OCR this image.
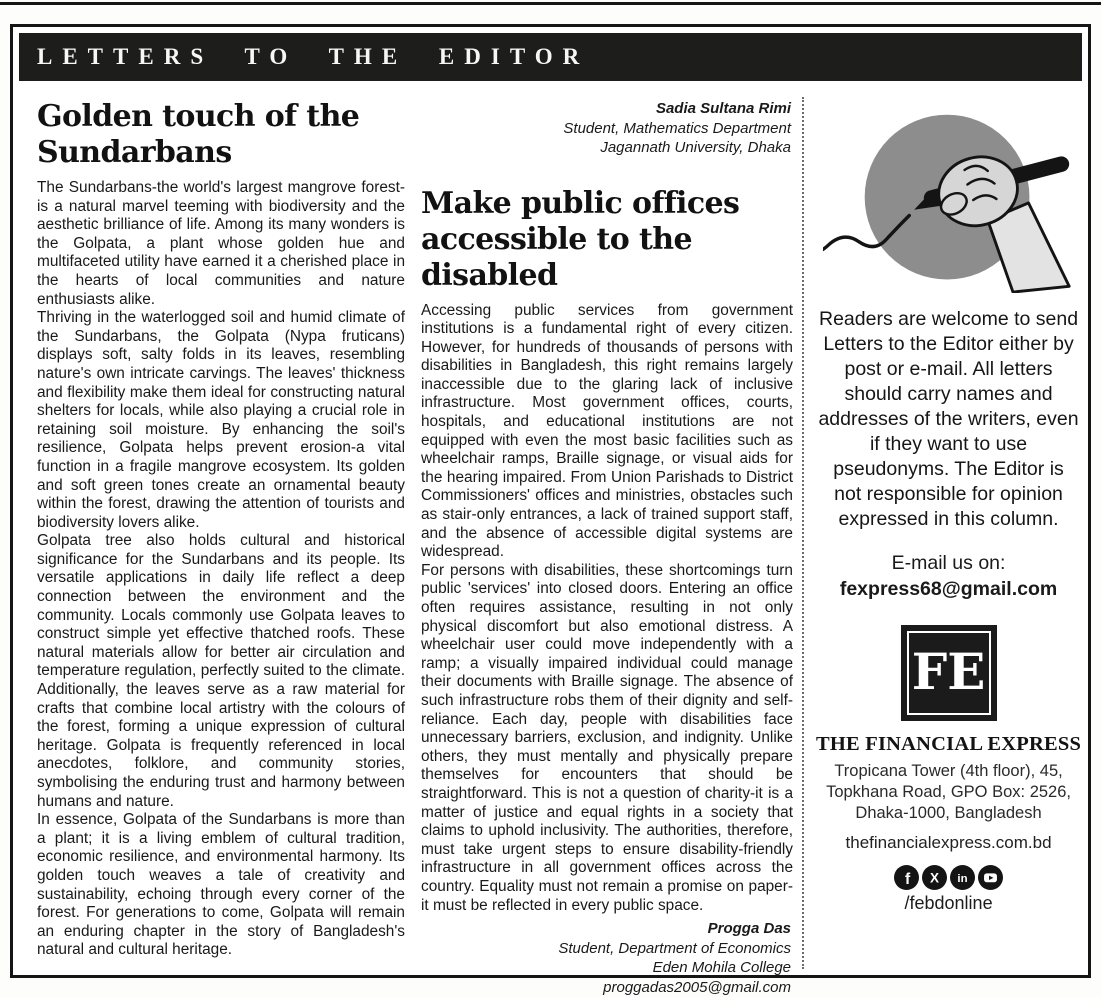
LETTERS TO THE EDITOR
Golden touch of the Sundarbans

The Sundarbans-the world's largest mangrove forest-is a natural marvel teeming with biodiversity and the aesthetic brilliance of life. Among its many wonders is the Golpata, a plant whose golden hue and multifaceted utility have earned it a cherished place in the hearts of local communities and nature enthusiasts alike.

Thriving in the waterlogged soil and humid climate of the Sundarbans, the Golpata (Nypa fruticans) displays soft, salty folds in its leaves, resembling nature's own intricate carvings. The leaves' thickness and flexibility make them ideal for constructing natural shelters for locals, while also playing a crucial role in retaining soil moisture. By enhancing the soil's resilience, Golpata helps prevent erosion-a vital function in a fragile mangrove ecosystem. Its golden and soft green tones create an ornamental beauty within the forest, drawing the attention of tourists and biodiversity lovers alike.

Golpata tree also holds cultural and historical significance for the Sundarbans and its people. Its versatile applications in daily life reflect a deep connection between the environment and the community. Locals commonly use Golpata leaves to construct simple yet effective thatched roofs. These natural materials allow for better air circulation and temperature regulation, perfectly suited to the climate. Additionally, the leaves serve as a raw material for crafts that combine local artistry with the colours of the forest, forming a unique expression of cultural heritage. Golpata is frequently referenced in local anecdotes, folklore, and community stories, symbolising the enduring trust and harmony between humans and nature.

In essence, Golpata of the Sundarbans is more than a plant; it is a living emblem of cultural tradition, economic resilience, and environmental harmony. Its golden touch weaves a tale of creativity and sustainability, echoing through every corner of the forest. For generations to come, Golpata will remain an enduring chapter in the story of Bangladesh's natural and cultural heritage.

Sadia Sultana Rimi
Student, Mathematics Department
Jagannath University, Dhaka
Make public offices accessible to the disabled

Accessing public services from government institutions is a fundamental right of every citizen. However, for hundreds of thousands of persons with disabilities in Bangladesh, this right remains largely inaccessible due to the glaring lack of inclusive infrastructure. Most government offices, courts, hospitals, and educational institutions are not equipped with even the most basic facilities such as wheelchair ramps, Braille signage, or visual aids for the hearing impaired. From Union Parishads to District Commissioners' offices and ministries, obstacles such as stair-only entrances, a lack of trained support staff, and the absence of accessible digital systems are widespread.

For persons with disabilities, these shortcomings turn public 'services' into closed doors. Entering an office often requires assistance, resulting in not only physical discomfort but also emotional distress. A wheelchair user could move independently with a ramp; a visually impaired individual could manage their documents with Braille signage. The absence of such infrastructure robs them of their dignity and self-reliance. Each day, people with disabilities face unnecessary barriers, exclusion, and indignity. Unlike others, they must mentally and physically prepare themselves for encounters that should be straightforward. This is not a question of charity-it is a matter of justice and equal rights in a society that claims to uphold inclusivity. The authorities, therefore, must take urgent steps to ensure disability-friendly infrastructure in all government offices across the country. Equality must not remain a promise on paper-it must be reflected in every public space.

Progga Das
Student, Department of Economics
Eden Mohila College
proggadas2005@gmail.com
Readers are welcome to send Letters to the Editor either by post or e-mail. All letters should carry names and addresses of the writers, even if they want to use pseudonyms. The Editor is not responsible for opinion expressed in this column.
E-mail us on:
fexpress68@gmail.com
FE
THE FINANCIAL EXPRESS
Tropicana Tower (4th floor), 45,
Topkhana Road, GPO Box: 2526,
Dhaka-1000, Bangladesh
thefinancialexpress.com.bd
f X in
/febdonline
